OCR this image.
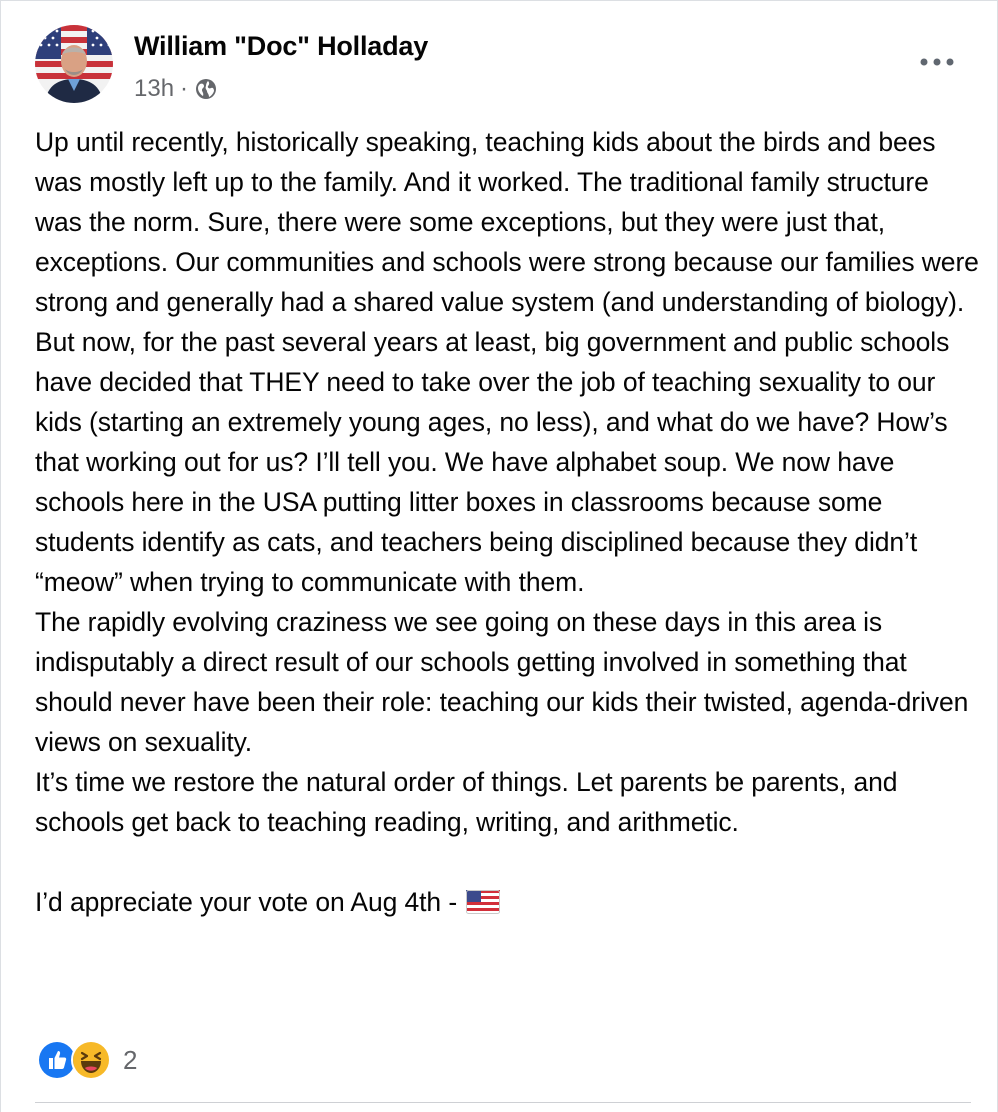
William "Doc" Holladay
13h ·

Up until recently, historically speaking, teaching kids about the birds and bees was mostly left up to the family. And it worked. The traditional family structure was the norm. Sure, there were some exceptions, but they were just that, exceptions. Our communities and schools were strong because our families were strong and generally had a shared value system (and understanding of biology). But now, for the past several years at least, big government and public schools have decided that THEY need to take over the job of teaching sexuality to our kids (starting an extremely young ages, no less), and what do we have? How’s that working out for us? I’ll tell you. We have alphabet soup. We now have schools here in the USA putting litter boxes in classrooms because some students identify as cats, and teachers being disciplined because they didn’t “meow” when trying to communicate with them.

The rapidly evolving craziness we see going on these days in this area is indisputably a direct result of our schools getting involved in something that should never have been their role: teaching our kids their twisted, agenda-driven views on sexuality.

It’s time we restore the natural order of things. Let parents be parents, and schools get back to teaching reading, writing, and arithmetic.

I’d appreciate your vote on Aug 4th -

2
